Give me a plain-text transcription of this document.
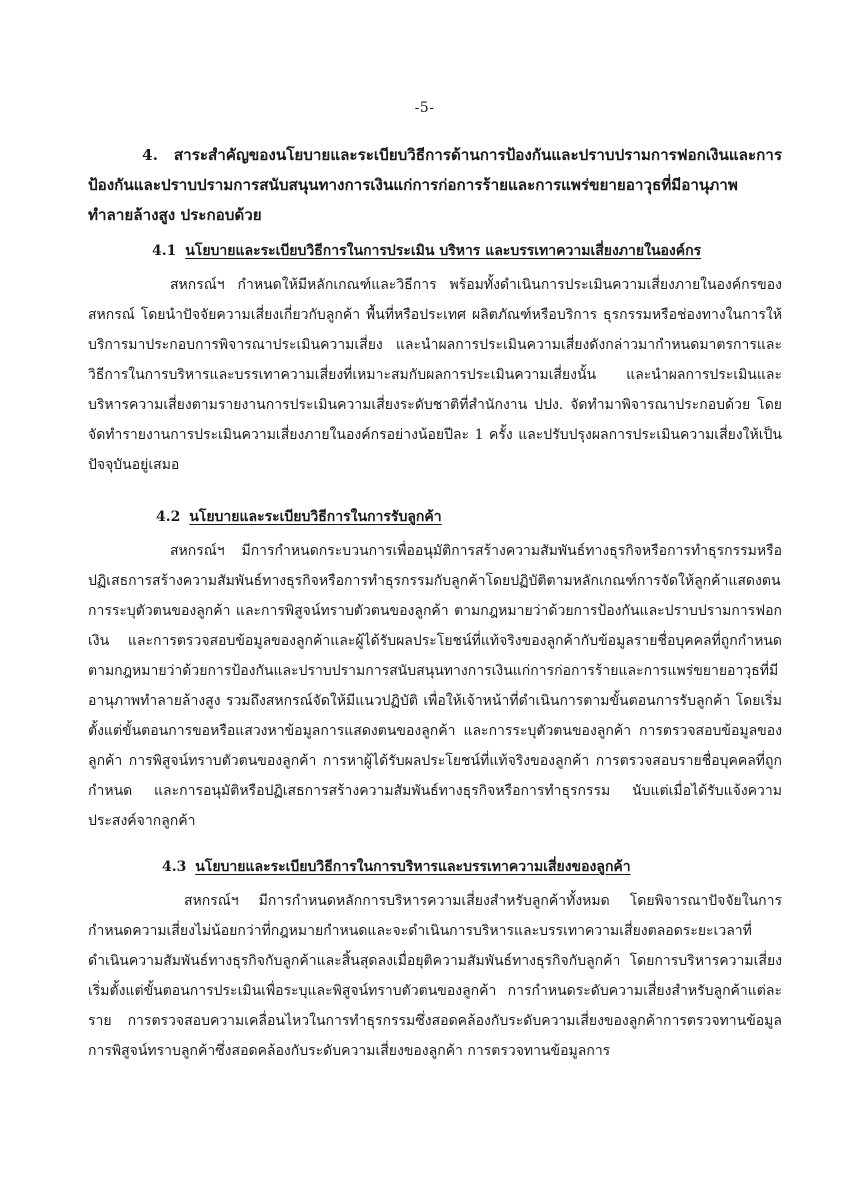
-5-
4. สาระสำคัญของนโยบายและระเบียบวิธีการด้านการป้องกันและปราบปรามการฟอกเงินและการป้องกันและปราบปรามการสนับสนุนทางการเงินแก่การก่อการร้ายและการแพร่ขยายอาวุธที่มีอานุภาพทำลายล้างสูง ประกอบด้วย
4.1 นโยบายและระเบียบวิธีการในการประเมิน บริหาร และบรรเทาความเสี่ยงภายในองค์กร
สหกรณ์ฯ กำหนดให้มีหลักเกณฑ์และวิธีการ พร้อมทั้งดำเนินการประเมินความเสี่ยงภายในองค์กรของสหกรณ์ โดยนำปัจจัยความเสี่ยงเกี่ยวกับลูกค้า พื้นที่หรือประเทศ ผลิตภัณฑ์หรือบริการ ธุรกรรมหรือช่องทางในการให้บริการมาประกอบการพิจารณาประเมินความเสี่ยง และนำผลการประเมินความเสี่ยงดังกล่าวมากำหนดมาตรการและวิธีการในการบริหารและบรรเทาความเสี่ยงที่เหมาะสมกับผลการประเมินความเสี่ยงนั้น และนำผลการประเมินและบริหารความเสี่ยงตามรายงานการประเมินความเสี่ยงระดับชาติที่สำนักงาน ปปง. จัดทำมาพิจารณาประกอบด้วย โดยจัดทำรายงานการประเมินความเสี่ยงภายในองค์กรอย่างน้อยปีละ 1 ครั้ง และปรับปรุงผลการประเมินความเสี่ยงให้เป็นปัจจุบันอยู่เสมอ
4.2 นโยบายและระเบียบวิธีการในการรับลูกค้า
สหกรณ์ฯ มีการกำหนดกระบวนการเพื่ออนุมัติการสร้างความสัมพันธ์ทางธุรกิจหรือการทำธุรกรรมหรือปฏิเสธการสร้างความสัมพันธ์ทางธุรกิจหรือการทำธุรกรรมกับลูกค้าโดยปฏิบัติตามหลักเกณฑ์การจัดให้ลูกค้าแสดงตน การระบุตัวตนของลูกค้า และการพิสูจน์ทราบตัวตนของลูกค้า ตามกฎหมายว่าด้วยการป้องกันและปราบปรามการฟอกเงิน และการตรวจสอบข้อมูลของลูกค้าและผู้ได้รับผลประโยชน์ที่แท้จริงของลูกค้ากับข้อมูลรายชื่อบุคคลที่ถูกกำหนด ตามกฎหมายว่าด้วยการป้องกันและปราบปรามการสนับสนุนทางการเงินแก่การก่อการร้ายและการแพร่ขยายอาวุธที่มีอานุภาพทำลายล้างสูง รวมถึงสหกรณ์จัดให้มีแนวปฏิบัติ เพื่อให้เจ้าหน้าที่ดำเนินการตามขั้นตอนการรับลูกค้า โดยเริ่มตั้งแต่ขั้นตอนการขอหรือแสวงหาข้อมูลการแสดงตนของลูกค้า และการระบุตัวตนของลูกค้า การตรวจสอบข้อมูลของลูกค้า การพิสูจน์ทราบตัวตนของลูกค้า การหาผู้ได้รับผลประโยชน์ที่แท้จริงของลูกค้า การตรวจสอบรายชื่อบุคคลที่ถูกกำหนด และการอนุมัติหรือปฏิเสธการสร้างความสัมพันธ์ทางธุรกิจหรือการทำธุรกรรม นับแต่เมื่อได้รับแจ้งความประสงค์จากลูกค้า
4.3 นโยบายและระเบียบวิธีการในการบริหารและบรรเทาความเสี่ยงของลูกค้า
สหกรณ์ฯ มีการกำหนดหลักการบริหารความเสี่ยงสำหรับลูกค้าทั้งหมด โดยพิจารณาปัจจัยในการกำหนดความเสี่ยงไม่น้อยกว่าที่กฎหมายกำหนดและจะดำเนินการบริหารและบรรเทาความเสี่ยงตลอดระยะเวลาที่ดำเนินความสัมพันธ์ทางธุรกิจกับลูกค้าและสิ้นสุดลงเมื่อยุติความสัมพันธ์ทางธุรกิจกับลูกค้า โดยการบริหารความเสี่ยง เริ่มตั้งแต่ขั้นตอนการประเมินเพื่อระบุและพิสูจน์ทราบตัวตนของลูกค้า การกำหนดระดับความเสี่ยงสำหรับลูกค้าแต่ละราย การตรวจสอบความเคลื่อนไหวในการทำธุรกรรมซึ่งสอดคล้องกับระดับความเสี่ยงของลูกค้าการตรวจทานข้อมูลการพิสูจน์ทราบลูกค้าซึ่งสอดคล้องกับระดับความเสี่ยงของลูกค้า การตรวจทานข้อมูลการ
